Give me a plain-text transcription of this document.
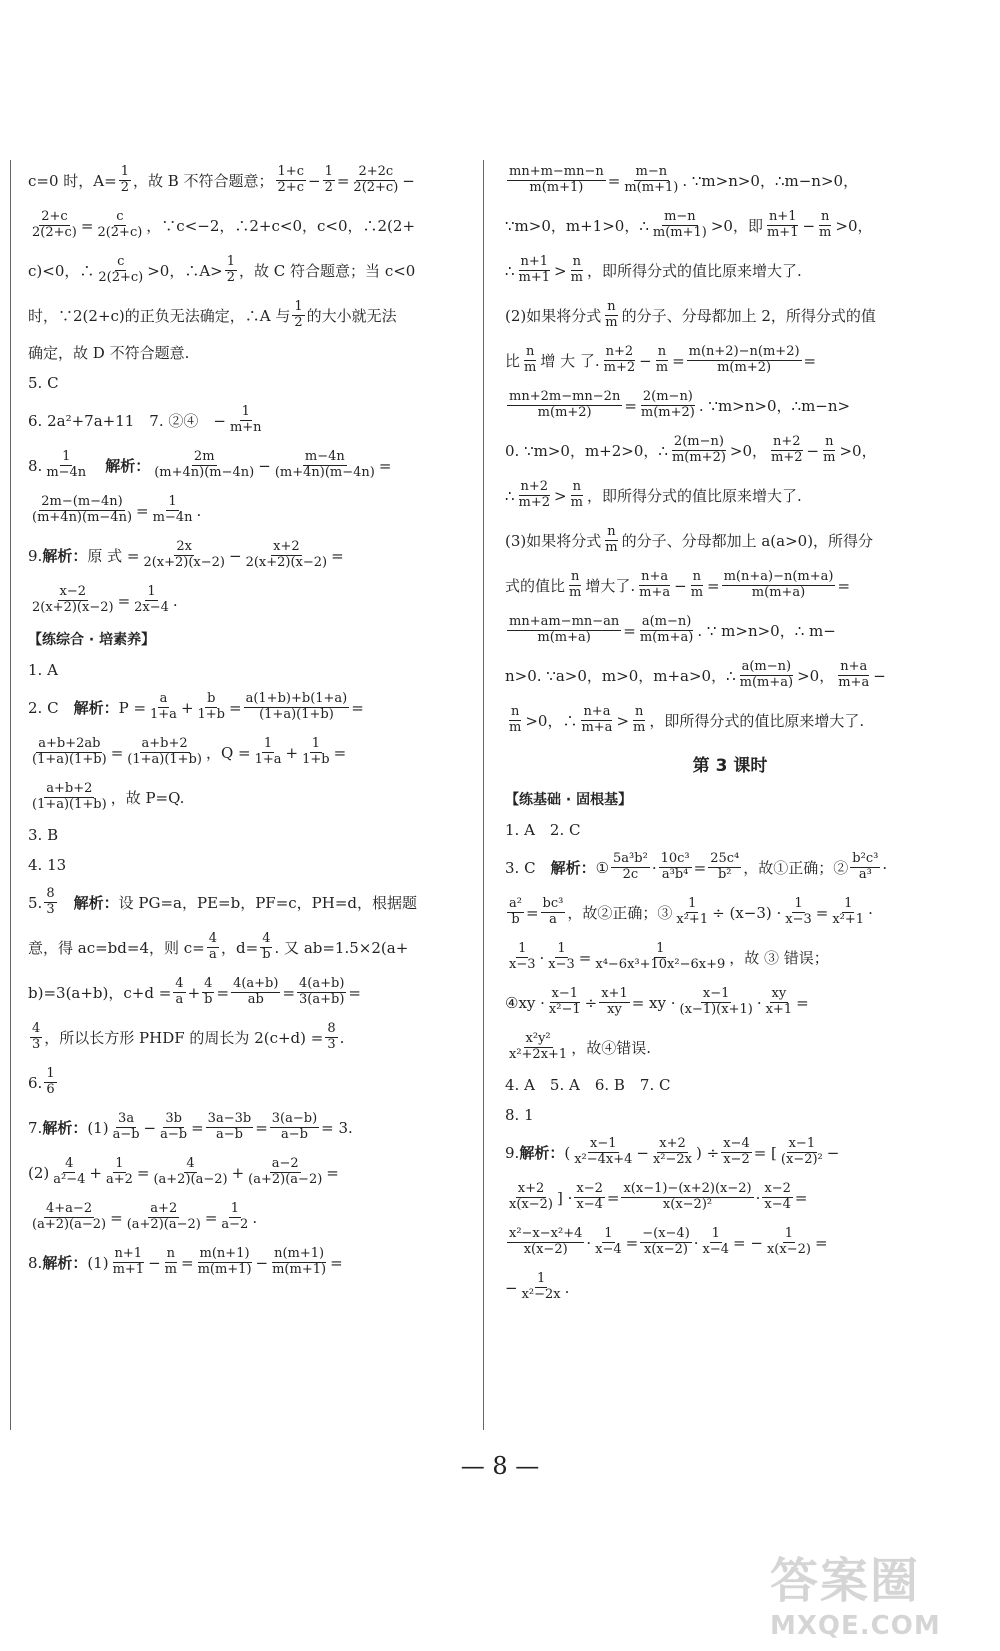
c=0 时，$A= \frac{1}{2}$ ，故 B 不符合题意； $\frac{1+c}{2+c} - \frac{1}{2} = \frac{2+2c}{2(2+c)}$ −
$\frac{2+c}{2(2+c)} = \frac{c}{2(2+c)}$ ，∵c<−2，∴2+c<0，c<0，∴2(2+
c)<0，∴ $\frac{c}{2(2+c)} >0$，∴A> $\frac{1}{2}$ ，故 C 符合题意；当 c<0
时，∵2(2+c)的正负无法确定，∴A 与 $\frac{1}{2}$ 的大小就无法
确定，故 D 不符合题意.
5. C
6. 2a²+7a+11　7. ②④　− $\frac{1}{m+n}$
8. $\frac{1}{m-4n}$
　 解析： $\frac{2m}{(m+4n)(m-4n)} - \frac{m-4n}{(m+4n)(m-4n)}$ =
$\frac{2m-(m-4n)}{(m+4n)(m-4n)} = \frac{1}{m-4n}$ .
9. 解析： 原 式 = $\frac{2x}{2(x+2)(x-2)} - \frac{x+2}{2(x+2)(x-2)}$ =
$\frac{x-2}{2(x+2)(x-2)} = \frac{1}{2x-4}$ .
【练综合 · 培素养】
1. A
2. C　 解析： $P = \frac{a}{1+a} + \frac{b}{1+b} = \frac{a(1+b)+b(1+a)}{(1+a)(1+b)}$ =
$\frac{a+b+2ab}{(1+a)(1+b)} = \frac{a+b+2}{(1+a)(1+b)}$ ，$Q = \frac{1}{1+a} + \frac{1}{1+b}$ =
$\frac{a+b+2}{(1+a)(1+b)}$ ，故 P=Q.
3. B
4. 13
5. $\frac{8}{3}$
　 解析： 设 PG=a，PE=b，PF=c，PH=d，根据题
意，得 ac=bd=4，则 $c= \frac{4}{a}$ ，$d= \frac{4}{b}$ . 又 ab=1.5×2(a+
b)=3(a+b)，$c+d = \frac{4}{a} + \frac{4}{b} = \frac{4(a+b)}{ab} = \frac{4(a+b)}{3(a+b)}$ =
$\frac{4}{3}$ ，所以长方形 PHDF 的周长为 $2(c+d) = \frac{8}{3}$ .
6. $\frac{1}{6}$
7. 解析： $(1) \frac{3a}{a-b} - \frac{3b}{a-b} = \frac{3a-3b}{a-b} = \frac{3(a-b)}{a-b} = 3$.
$(2) \frac{4}{\text{a²−4}} + \frac{1}{a+2} = \frac{4}{(a+2)(a-2)} + \frac{a-2}{(a+2)(a-2)}$ =
$\frac{4+a-2}{(a+2)(a-2)} = \frac{a+2}{(a+2)(a-2)} = \frac{1}{a-2}$ .
8. 解析： $(1) \frac{n+1}{m+1} - \frac{n}{m} = \frac{m(n+1)}{m(m+1)} - \frac{n(m+1)}{m(m+1)}$ =
$\frac{mn+m-mn-n}{m(m+1)} = \frac{m-n}{m(m+1)}$ . ∵m>n>0，∴m−n>0，
∵m>0，m+1>0，∴ $\frac{m-n}{m(m+1)} >0$，即 $\frac{n+1}{m+1} - \frac{n}{m} >0$，
∴ $\frac{n+1}{m+1} > \frac{n}{m}$ ，即所得分式的值比原来增大了.
(2)如果将分式 $\frac{n}{m}$ 的分子、分母都加上 2，所得分式的值
比 $\frac{n}{m}$ 增 大 了. $\frac{n+2}{m+2} - \frac{n}{m} = \frac{m(n+2)-n(m+2)}{m(m+2)}$ =
$\frac{mn+2m-mn-2n}{m(m+2)} = \frac{2(m-n)}{m(m+2)}$ . ∵m>n>0，∴m−n>
0. ∵m>0，m+2>0，∴ $\frac{2(m-n)}{m(m+2)} >0$， $\frac{n+2}{m+2} - \frac{n}{m} >0$，
∴ $\frac{n+2}{m+2} > \frac{n}{m}$ ，即所得分式的值比原来增大了.
(3)如果将分式 $\frac{n}{m}$ 的分子、分母都加上 a(a>0)，所得分
式的值比 $\frac{n}{m}$ 增大了. $\frac{n+a}{m+a} - \frac{n}{m} = \frac{m(n+a)-n(m+a)}{m(m+a)}$ =
$\frac{mn+am-mn-an}{m(m+a)} = \frac{a(m-n)}{m(m+a)}$ . ∵ m>n>0，∴ m−
n>0. ∵a>0，m>0，m+a>0，∴ $\frac{a(m-n)}{m(m+a)} >0$， $\frac{n+a}{m+a}$ −
$\frac{n}{m} >0$，∴ $\frac{n+a}{m+a} > \frac{n}{m}$ ，即所得分式的值比原来增大了.
第 3 课时
【练基础 · 固根基】
1. A　2. C
3. C　 解析： ① $\frac{\text{5a³b²}}{2c} \cdot \frac{\text{10c³}}{\text{a³b⁴}} = \frac{\text{25c⁴}}{\text{b²}}$ ，故①正确；② $\frac{\text{b²c³}}{\text{a³}}$ ·
$\frac{\text{a²}}{b} = \frac{\text{bc³}}{a}$ ，故②正确；③ $\frac{1}{\text{x²+1}} \div (x-3) \cdot \frac{1}{x-3} = \frac{1}{\text{x²+1}}$ ·
$\frac{1}{x-3} \cdot \frac{1}{x-3} = \frac{1}{\text{x⁴−6x³+10x²−6x+9}}$ ，故 ③ 错误；
④xy · $\frac{x-1}{\text{x²−1}} \div \frac{x+1}{xy}$ = xy · $\frac{x-1}{(x-1)(x+1)} \cdot \frac{xy}{x+1}$ =
$\frac{\text{x²y²}}{\text{x²+2x+1}}$ ，故④错误.
4. A　5. A　6. B　7. C
8. 1
9. 解析： ( $\frac{x-1}{\text{x²−4x+4}} - \frac{x+2}{\text{x²−2x}}$ ) ÷ $\frac{x-4}{x-2}$ = [ $\frac{x-1}{\text{(x−2)²}}$ −
$\frac{x+2}{x(x-2)}$ ] · $\frac{x-2}{x-4} = \frac{x(x-1)-(x+2)(x-2)}{\text{x(x−2)²}} \cdot \frac{x-2}{x-4}$ =
$\frac{\text{x²−x−x²+4}}{x(x-2)} \cdot \frac{1}{x-4} = \frac{-(x-4)}{x(x-2)} \cdot \frac{1}{x-4}$ = − $\frac{1}{x(x-2)}$ =
− $\frac{1}{\text{x²−2x}}$ .
— 8 —
答案圈
MXQE.COM
